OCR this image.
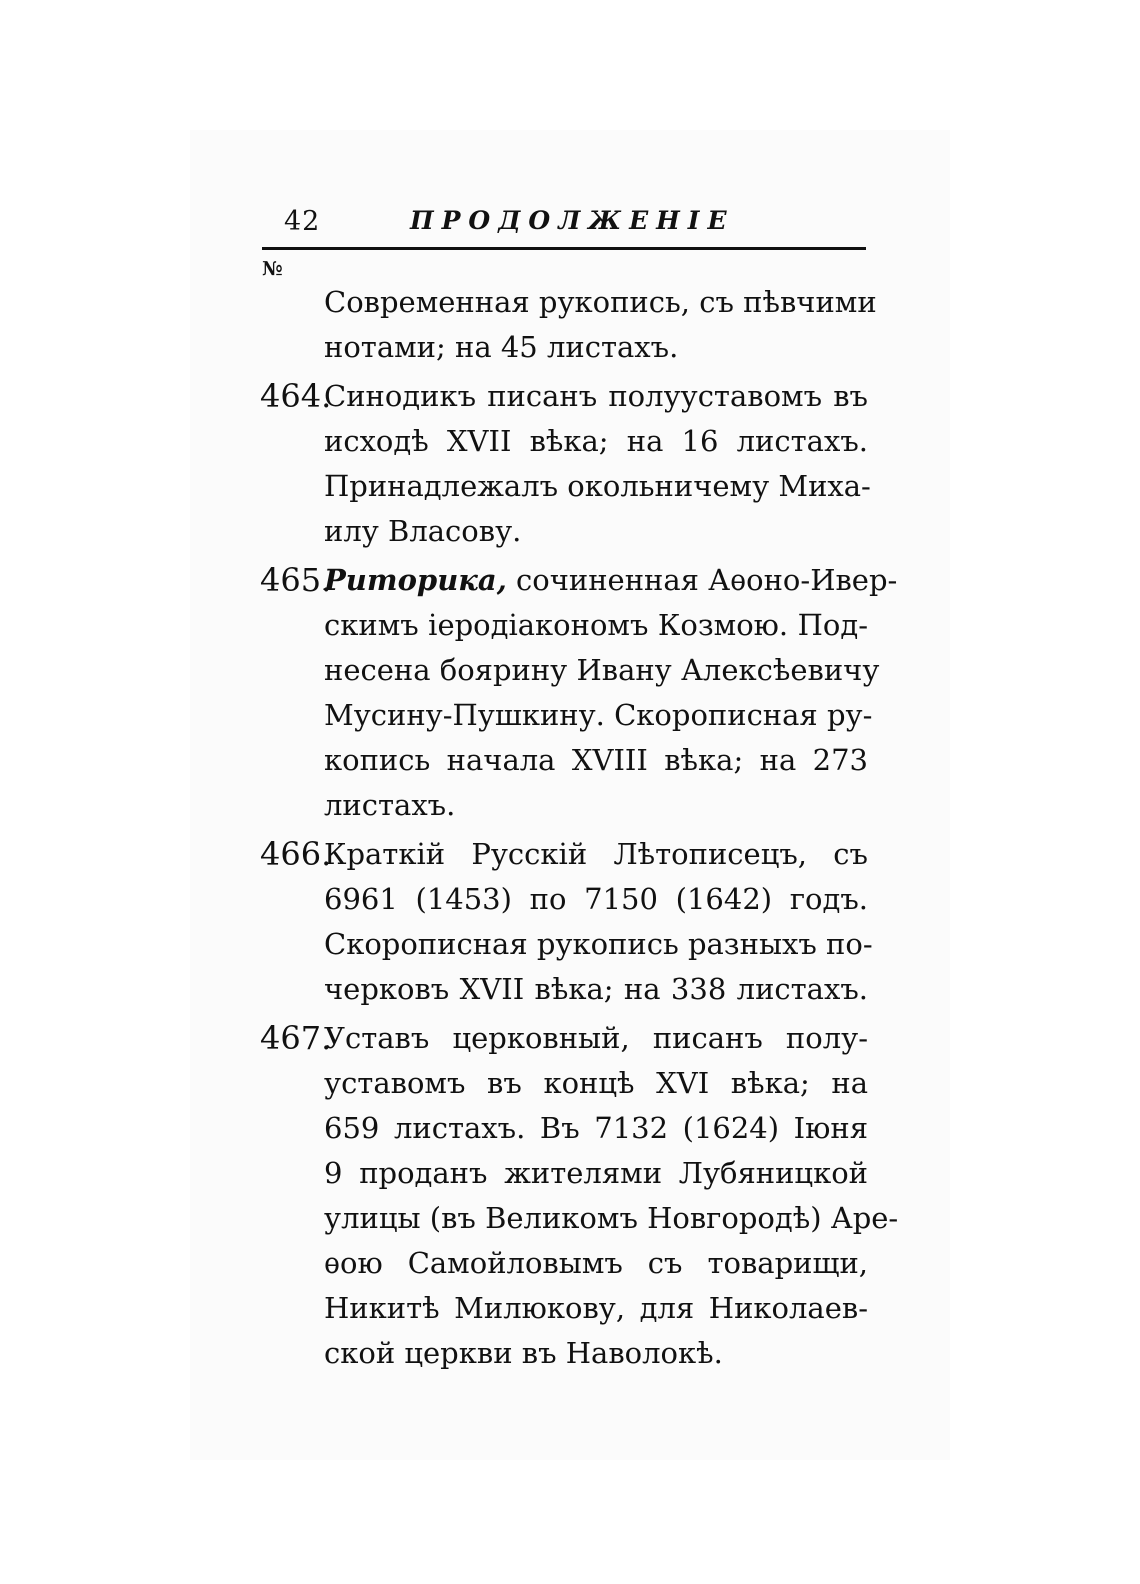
42	ПРОДОЛЖЕНІЕ
№
Современная рукопись, съ пѣвчими
нотами; на 45 листахъ.
464.
Синодикъ писанъ полууставомъ въ
исходѣ XVII вѣка; на 16 листахъ.
Принадлежалъ окольничему Миха-
илу Власову.
465.
Риторика, сочиненная Аѳоно-Ивер-
скимъ іеродіакономъ Козмою. Под-
несена боярину Ивану Алексѣевичу
Мусину-Пушкину. Скорописная ру-
копись начала XVIII вѣка; на 273
листахъ.
466.
Краткій Русскій Лѣтописецъ, съ
6961 (1453) по 7150 (1642) годъ.
Скорописная рукопись разныхъ по-
черковъ XVII вѣка; на 338 листахъ.
467.
Уставъ церковный, писанъ полу-
уставомъ въ концѣ XVI вѣка; на
659 листахъ. Въ 7132 (1624) Іюня
9 проданъ жителями Лубяницкой
улицы (въ Великомъ Новгородѣ) Аре-
ѳою Самойловымъ съ товарищи,
Никитѣ Милюкову, для Николаев-
ской церкви въ Наволокѣ.
